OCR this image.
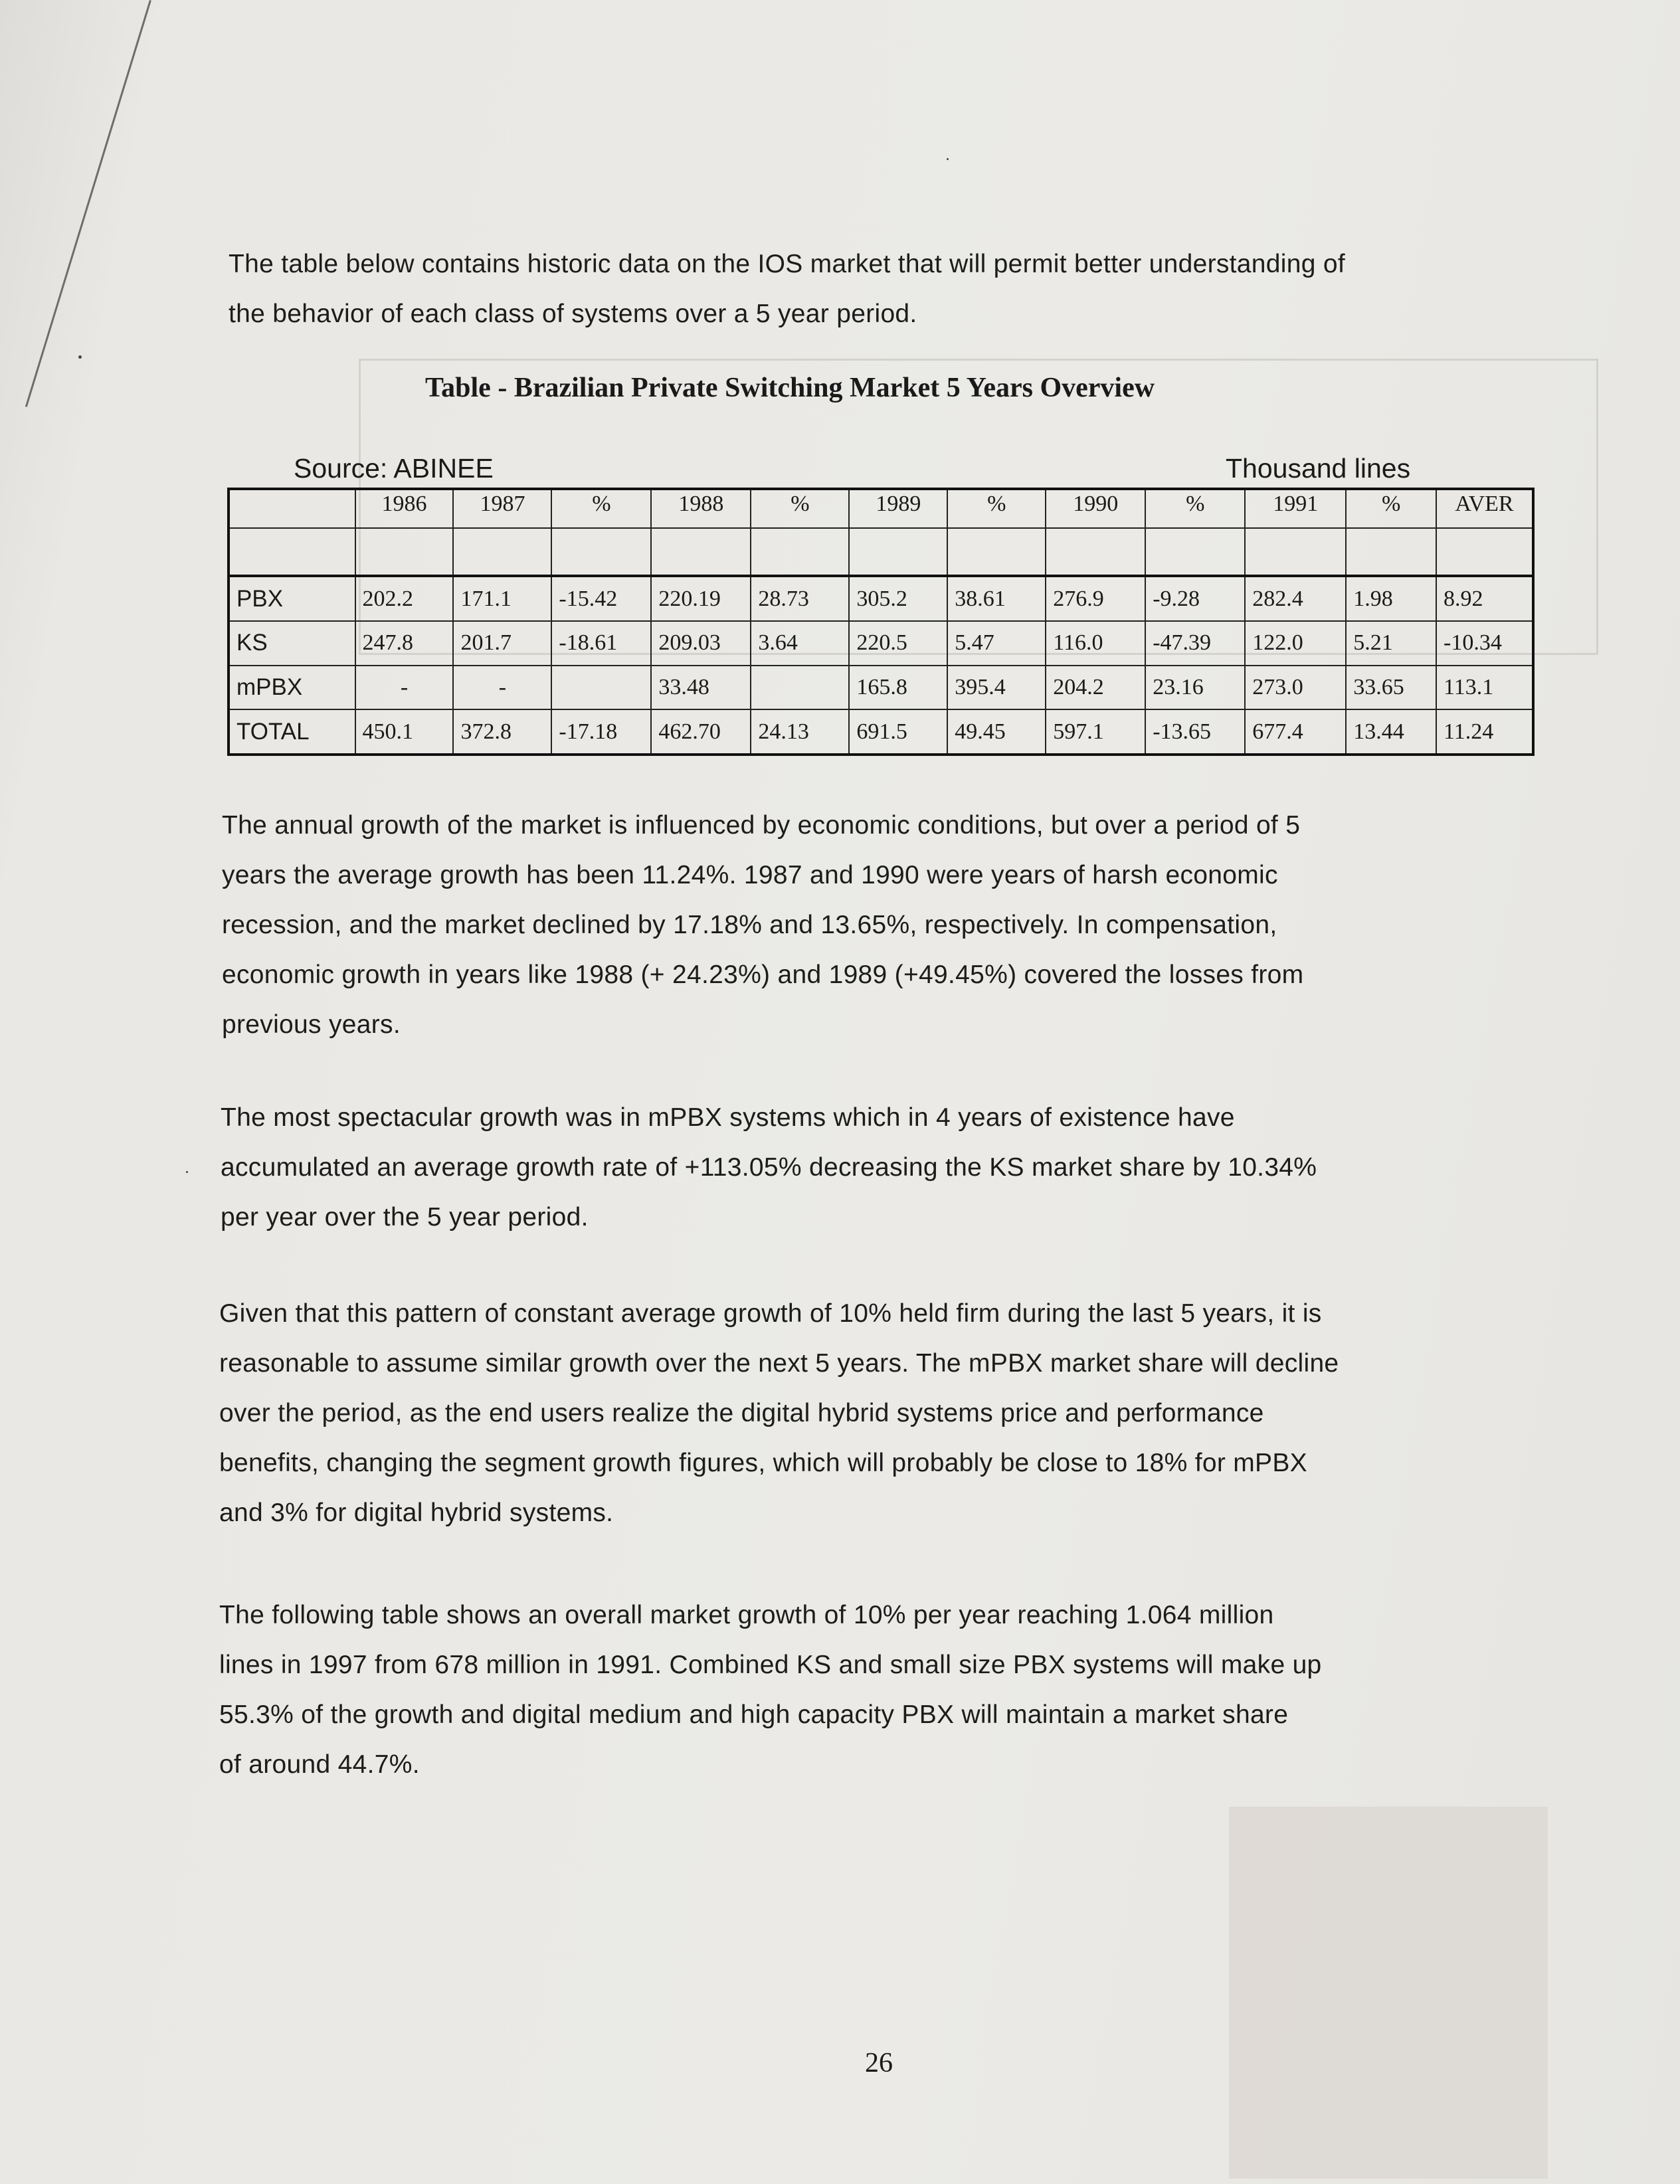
The table below contains historic data on the IOS market that will permit better understanding of
the behavior of each class of systems over a 5 year period.
Table - Brazilian Private Switching Market 5 Years Overview
Source: ABINEE	Thousand lines
	1986	1987	%	1988	%	1989	%	1990	%	1991	%	AVER

PBX	202.2	171.1	-15.42	220.19	28.73	305.2	38.61	276.9	-9.28	282.4	1.98	8.92
KS	247.8	201.7	-18.61	209.03	3.64	220.5	5.47	116.0	-47.39	122.0	5.21	-10.34
mPBX	-	-		33.48		165.8	395.4	204.2	23.16	273.0	33.65	113.1
TOTAL	450.1	372.8	-17.18	462.70	24.13	691.5	49.45	597.1	-13.65	677.4	13.44	11.24
The annual growth of the market is influenced by economic conditions, but over a period of 5
years the average growth has been 11.24%. 1987 and 1990 were years of harsh economic
recession, and the market declined by 17.18% and 13.65%, respectively. In compensation,
economic growth in years like 1988 (+ 24.23%) and 1989 (+49.45%) covered the losses from
previous years.
The most spectacular growth was in mPBX systems which in 4 years of existence have
accumulated an average growth rate of +113.05% decreasing the KS market share by 10.34%
per year over the 5 year period.
Given that this pattern of constant average growth of 10% held firm during the last 5 years, it is
reasonable to assume similar growth over the next 5 years. The mPBX market share will decline
over the period, as the end users realize the digital hybrid systems price and performance
benefits, changing the segment growth figures, which will probably be close to 18% for mPBX
and 3% for digital hybrid systems.
The following table shows an overall market growth of 10% per year reaching 1.064 million
lines in 1997 from 678 million in 1991. Combined KS and small size PBX systems will make up
55.3% of the growth and digital medium and high capacity PBX will maintain a market share
of around 44.7%.
26
